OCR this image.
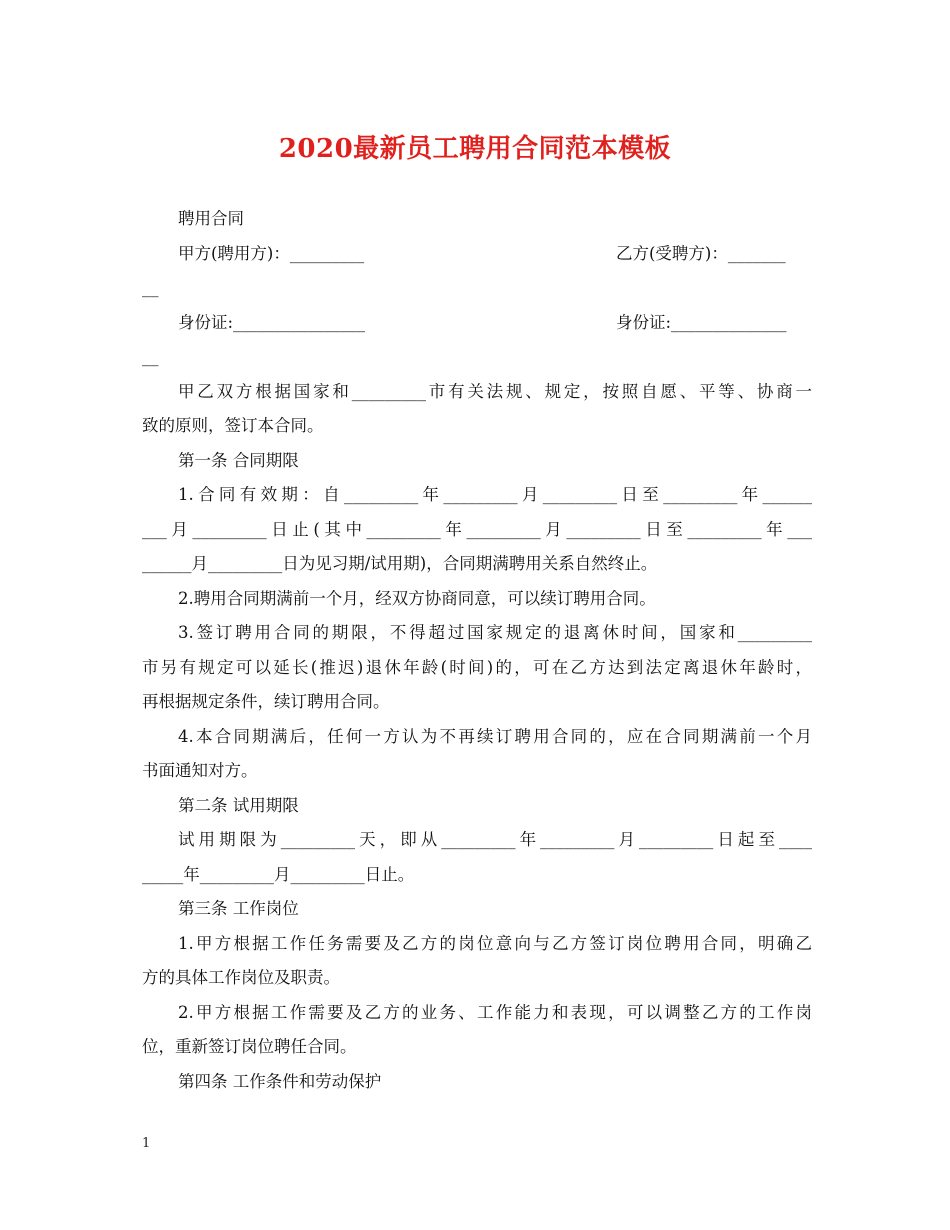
2020最新员工聘用合同范本模板
聘用合同
甲方(聘用方)：_________	乙方(受聘方)：_______
__
身份证:________________	身份证:______________
__
甲乙双方根据国家和_________市有关法规、规定，按照自愿、平等、协商一
致的原则，签订本合同。
第一条 合同期限
1.合同有效期：自_________年_________月_________日至_________年______
___月_________日止(其中_________年_________月_________日至_________年___
______月_________日为见习期/试用期)，合同期满聘用关系自然终止。
2.聘用合同期满前一个月，经双方协商同意，可以续订聘用合同。
3.签订聘用合同的期限，不得超过国家规定的退离休时间，国家和_________
市另有规定可以延长(推迟)退休年龄(时间)的，可在乙方达到法定离退休年龄时，
再根据规定条件，续订聘用合同。
4.本合同期满后，任何一方认为不再续订聘用合同的，应在合同期满前一个月
书面通知对方。
第二条 试用期限
试用期限为_________天，即从_________年_________月_________日起至____
_____年_________月_________日止。
第三条 工作岗位
1.甲方根据工作任务需要及乙方的岗位意向与乙方签订岗位聘用合同，明确乙
方的具体工作岗位及职责。
2.甲方根据工作需要及乙方的业务、工作能力和表现，可以调整乙方的工作岗
位，重新签订岗位聘任合同。
第四条 工作条件和劳动保护
1
